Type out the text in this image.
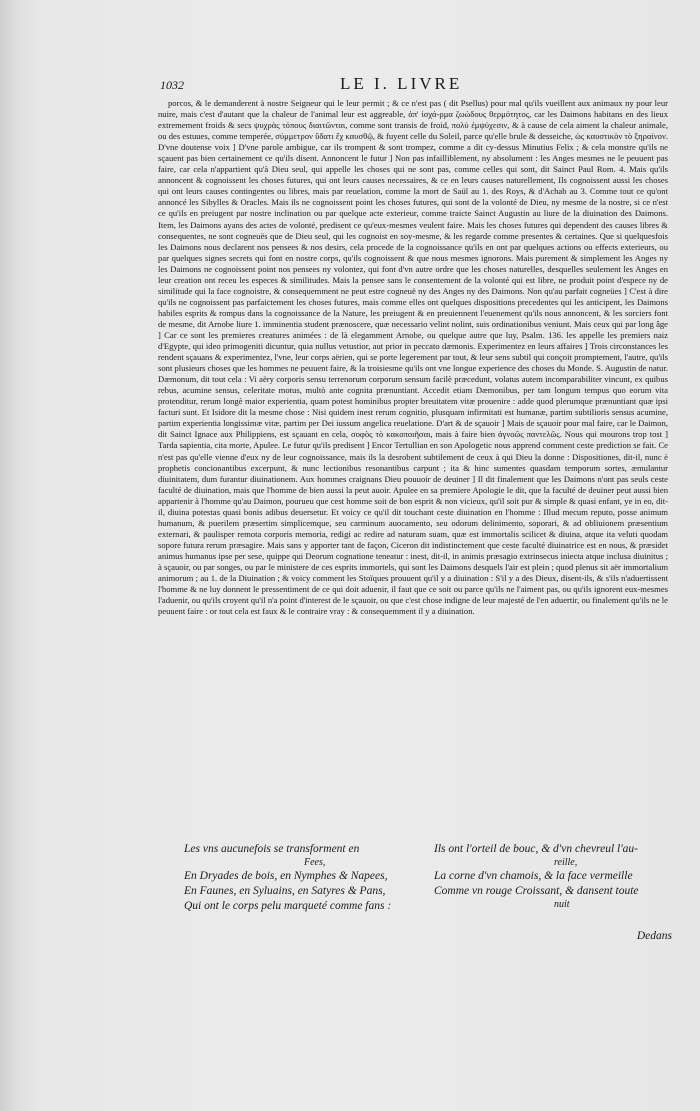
1032	LE I. LIVRE

porcos, & le demanderent à nostre Seigneur qui le leur permit ; & ce n'est pas ( dit Psellus) pour mal qu'ils vueillent aux animaux ny pour leur nuire, mais c'est d'autant que la chaleur de l'animal leur est aggreable, ἀπ' ἰσχά-ρμα ζωώδους θερμότητος, car les Daimons habitans en des lieux extremement froids & secs ψυχρὰς τόπους διαιτῶνται, comme sont transis de froid, πολὺ ἐμψύχεσιν, & à cause de cela aiment la chaleur animale, ou des estuues, comme temperée, σύμμετρον ὕδατι ἔχ καυσθῷ, & fuyent celle du Soleil, parce qu'elle brule & desseiche, ὡς καυστικὸν τὸ ξηραίνον. D'vne doutense voix ] D'vne parole ambigue, car ils trompent & sont trompez, comme a dit cy-dessus Minutius Felix ; & cela monstre qu'ils ne sçauent pas bien certainement ce qu'ils disent. Annoncent le futur ] Non pas infailliblement, ny absolument : les Anges mesmes ne le peuuent pas faire, car cela n'appartient qu'à Dieu seul, qui appelle les choses qui ne sont pas, comme celles qui sont, dit Sainct Paul Rom. 4. Mais qu'ils annoncent & cognoissent les choses futures, qui ont leurs causes necessaires, & ce en leurs causes naturellement, Ils cognoissent aussi les choses qui ont leurs causes contingentes ou libres, mais par reuelation, comme la mort de Saül au 1. des Roys, & d'Achab au 3. Comme tout ce qu'ont annoncé les Sibylles & Oracles. Mais ils ne cognoissent point les choses futures, qui sont de la volonté de Dieu, ny mesme de la nostre, si ce n'est ce qu'ils en preiugent par nostre inclination ou par quelque acte exterieur, comme traicte Sainct Augustin au liure de la diuination des Daimons. Item, les Daimons ayans des actes de volonté, predisent ce qu'eux-mesmes veulent faire. Mais les choses futures qui dependent des causes libres & consequentes, ne sont cogneuës que de Dieu seul, qui les cognoist en soy-mesme, & les regarde comme presentes & certaines. Que si quelquesfois les Daimons nous declarent nos pensees & nos desirs, cela procede de la cognoissance qu'ils en ont par quelques actions ou effects exterieurs, ou par quelques signes secrets qui font en nostre corps, qu'ils cognoissent & que nous mesmes ignorons. Mais purement & simplement les Anges ny les Daimons ne cognoissent point nos pensees ny volontez, qui font d'vn autre ordre que les choses naturelles, desquelles seulement les Anges en leur creation ont receu les especes & similitudes. Mais la pensee sans le consentement de la volonté qui est libre, ne produit point d'espece ny de similitude qui la face cognoistre, & consequemment ne peut estre cogneuë ny des Anges ny des Daimons. Non qu'au parfait cogneües ] C'est à dire qu'ils ne cognoissent pas parfaictement les choses futures, mais comme elles ont quelques dispositions precedentes qui les anticipent, les Daimons habiles esprits & rompus dans la cognoissance de la Nature, les preiugent & en preuiennent l'euenement qu'ils nous annoncent, & les sorciers font de mesme, dit Arnobe liure 1. imminentia student prænoscere, quæ necessario velint nolint, suis ordinationibus veniunt. Mais ceux qui par long âge ] Car ce sont les premieres creatures animées : de là elegamment Arnobe, ou quelque autre que luy, Psalm. 136. les appelle les premiers naiz d'Egypte, qui ideo primogeniti dicuntur, quia nullus vetustior, aut prior in peccato dæmonis. Experimentez en leurs affaires ] Trois circonstances les rendent sçauans & experimentez, l'vne, leur corps aërien, qui se porte legerement par tout, & leur sens subtil qui conçoit promptement, l'autre, qu'ils sont plusieurs choses que les hommes ne peuuent faire, & la troisiesme qu'ils ont vne longue experience des choses du Monde. S. Augustin de natur. Dæmonum, dit tout cela : Vi aëry corporis sensu terrenorum corporum sensum facilè præcedunt, volatus autem incomparabiliter vincunt, ex quibus rebus, acumine sensus, celeritate motus, multò ante cognita prænuntiant. Accedit etiam Dæmonibus, per tam longum tempus quo eorum vita protenditur, rerum longè maior experientia, quam potest hominibus propter breuitatem vitæ prouenire : adde quod plerumque prænuntiant quæ ipsi facturi sunt. Et Isidore dit la mesme chose : Nisi quidem inest rerum cognitio, plusquam infirmitati est humanæ, partim subtilioris sensus acumine, partim experientia longissimæ vitæ, partim per Dei iussum angelica reuelatione. D'art & de sçauoir ] Mais de sçauoir pour mal faire, car le Daimon, dit Sainct Ignace aux Philippiens, est sçauant en cela, σοφὸς τὸ κακοποιῆσαι, mais à faire bien ἀγνοῶς παντελῶς. Nous qui mourons trop tost ] Tarda sapientia, cita morte, Apulee. Le futur qu'ils predisent ] Encor Tertullian en son Apologetic nous apprend comment ceste prediction se fait. Ce n'est pas qu'elle vienne d'eux ny de leur cognoissance, mais ils la desrobent subtilement de ceux à qui Dieu la donne : Dispositiones, dit-il, nunc è prophetis concionantibus excerpunt, & nunc lectionibus resonantibus carpunt ; ita & hinc sumentes quasdam temporum sortes, æmulantur diuinitatem, dum furantur diuinationem. Aux hommes craignans Dieu pouuoir de deuiner ] Il dit finalement que les Daimons n'ont pas seuls ceste faculté de diuination, mais que l'homme de bien aussi la peut auoir. Apulee en sa premiere Apologie le dit, que la faculté de deuiner peut aussi bien appartenir à l'homme qu'au Daimon, pourueu que cest homme soit de bon esprit & non vicieux, qu'il soit pur & simple & quasi enfant, ye in eo, dit-il, diuina potestas quasi bonis adibus deuersetur. Et voicy ce qu'il dit touchant ceste diuination en l'homme : Illud mecum reputo, posse animum humanum, & puerilem præsertim simplicemque, seu carminum auocamento, seu odorum delinimento, soporari, & ad obliuionem præsentium externari, & paulisper remota corporis memoria, redigi ac redire ad naturam suam, quæ est immortalis scilicet & diuina, atque ita veluti quodam sopore futura rerum præsagire. Mais sans y apporter tant de façon, Ciceron dit indistinctement que ceste faculté diuinatrice est en nous, & præsidet animus humanus ipse per sese, quippe qui Deorum cognatione teneatur : inest, dit-il, in animis præsagio extrinsecus iniecta atque inclusa diuinitus ; à sçauoir, ou par songes, ou par le ministere de ces esprits immortels, qui sont les Daimons desquels l'air est plein ; quod plenus sit aër immortalium animorum ; au 1. de la Diuination ; & voicy comment les Stoïques prouuent qu'il y a diuination : S'il y a des Dieux, disent-ils, & s'ils n'aduertissent l'homme & ne luy donnent le pressentiment de ce qui doit aduenir, il faut que ce soit ou parce qu'ils ne l'aiment pas, ou qu'ils ignorent eux-mesmes l'aduenir, ou qu'ils croyent qu'il n'a point d'interest de le sçauoir, ou que c'est chose indigne de leur majesté de l'en aduertir, ou finalement qu'ils ne le peuuent faire : or tout cela est faux & le contraire vray : & consequemment il y a diuination.

Les vns aucunefois se transforment en
Fees,
En Dryades de bois, en Nymphes & Napees,
En Faunes, en Syluains, en Satyres & Pans,
Qui ont le corps pelu marqueté comme fans :
Ils ont l'orteil de bouc, & d'vn chevreul l'au-
reille,
La corne d'vn chamois, & la face vermeille
Comme vn rouge Croissant, & dansent toute
nuit
Dedans
